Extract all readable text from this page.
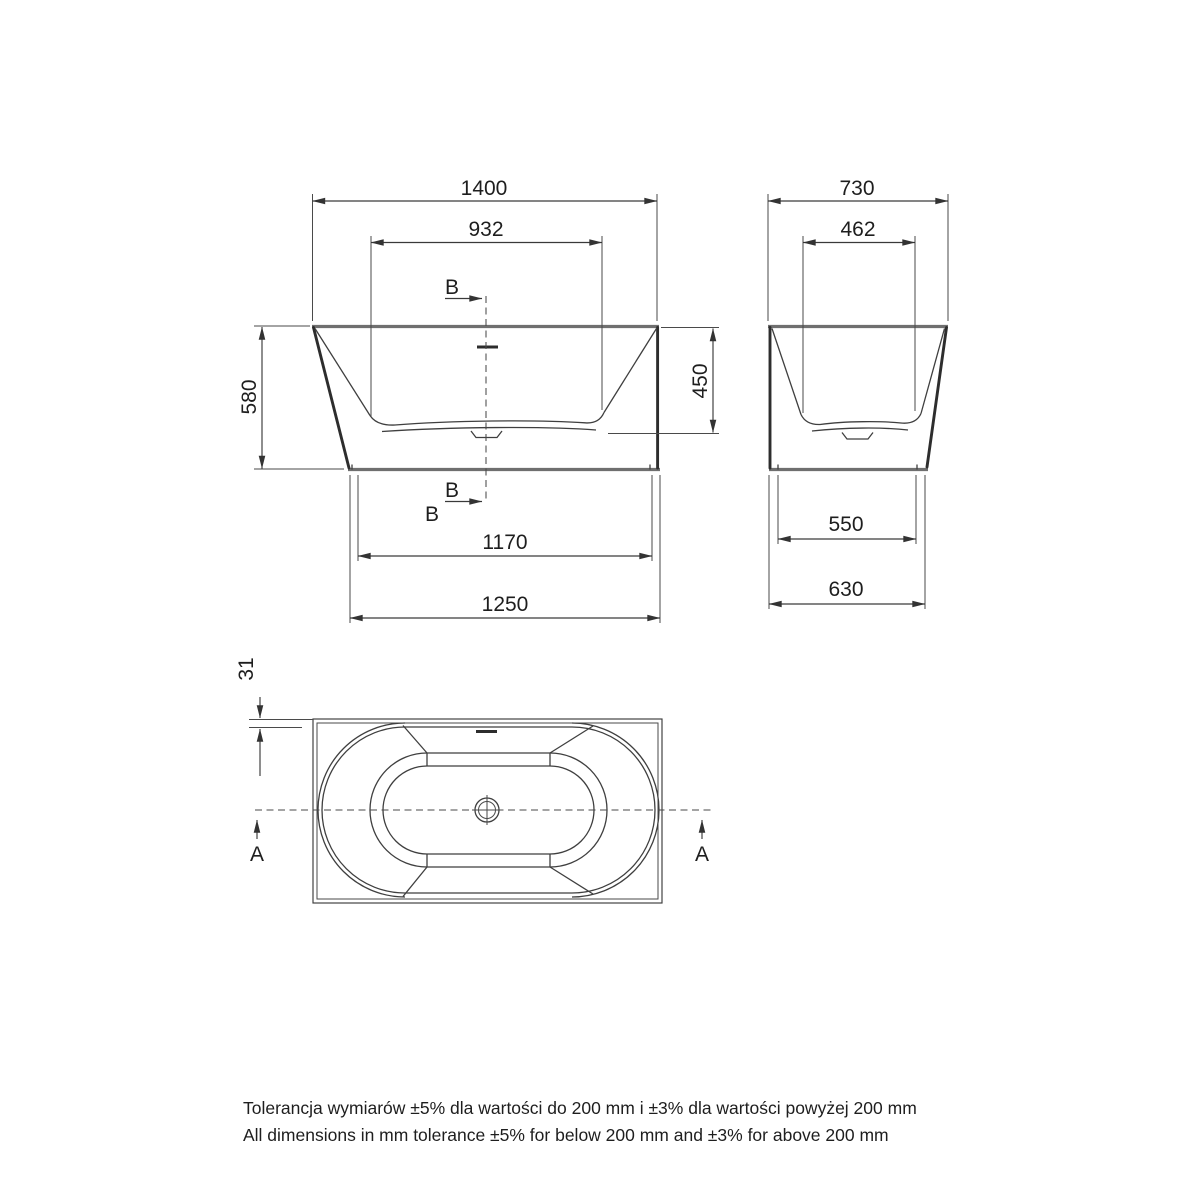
1400
932
B
580	450
B
B
1170
1250
730
462
550
630
31
A	A
Tolerancja wymiarów ±5% dla wartości do 200 mm i ±3% dla wartości powyżej 200 mm
All dimensions in mm tolerance ±5% for below 200 mm and ±3% for above 200 mm
